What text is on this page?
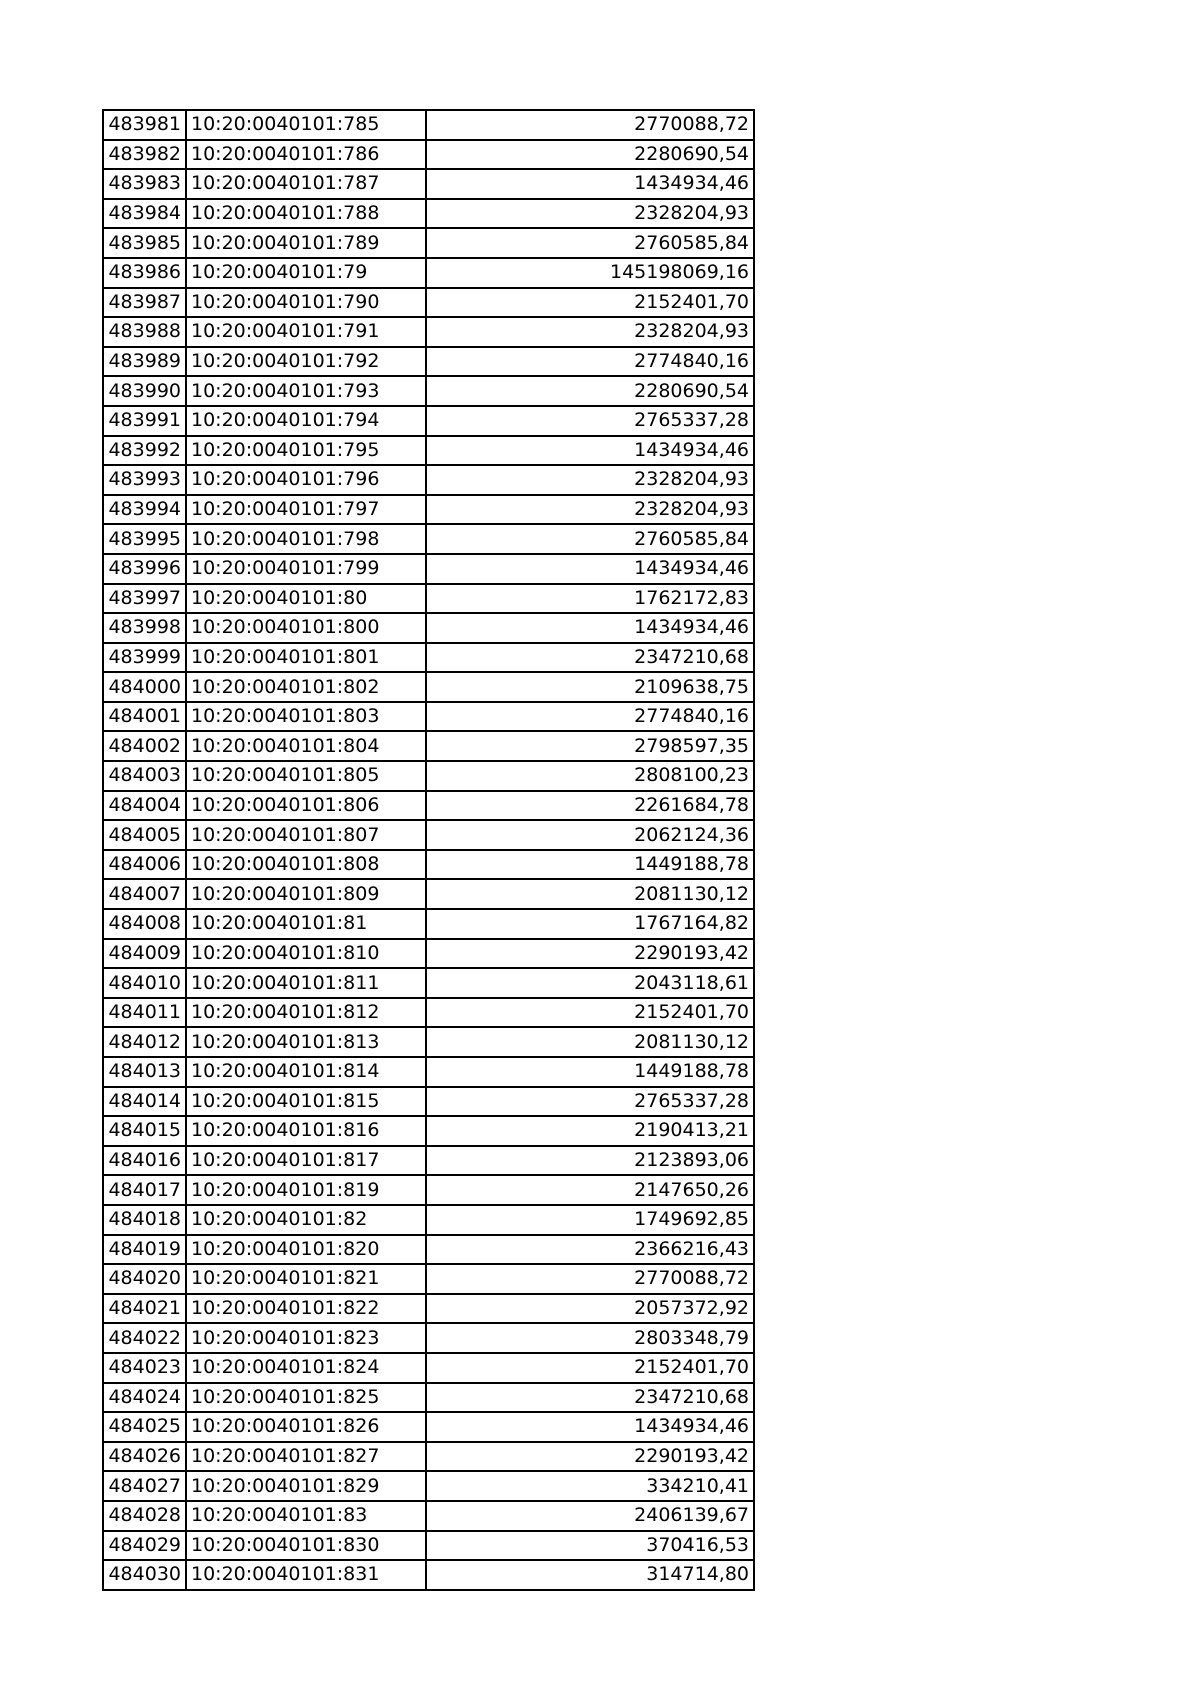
483981	10:20:0040101:785	2770088,72
483982	10:20:0040101:786	2280690,54
483983	10:20:0040101:787	1434934,46
483984	10:20:0040101:788	2328204,93
483985	10:20:0040101:789	2760585,84
483986	10:20:0040101:79	145198069,16
483987	10:20:0040101:790	2152401,70
483988	10:20:0040101:791	2328204,93
483989	10:20:0040101:792	2774840,16
483990	10:20:0040101:793	2280690,54
483991	10:20:0040101:794	2765337,28
483992	10:20:0040101:795	1434934,46
483993	10:20:0040101:796	2328204,93
483994	10:20:0040101:797	2328204,93
483995	10:20:0040101:798	2760585,84
483996	10:20:0040101:799	1434934,46
483997	10:20:0040101:80	1762172,83
483998	10:20:0040101:800	1434934,46
483999	10:20:0040101:801	2347210,68
484000	10:20:0040101:802	2109638,75
484001	10:20:0040101:803	2774840,16
484002	10:20:0040101:804	2798597,35
484003	10:20:0040101:805	2808100,23
484004	10:20:0040101:806	2261684,78
484005	10:20:0040101:807	2062124,36
484006	10:20:0040101:808	1449188,78
484007	10:20:0040101:809	2081130,12
484008	10:20:0040101:81	1767164,82
484009	10:20:0040101:810	2290193,42
484010	10:20:0040101:811	2043118,61
484011	10:20:0040101:812	2152401,70
484012	10:20:0040101:813	2081130,12
484013	10:20:0040101:814	1449188,78
484014	10:20:0040101:815	2765337,28
484015	10:20:0040101:816	2190413,21
484016	10:20:0040101:817	2123893,06
484017	10:20:0040101:819	2147650,26
484018	10:20:0040101:82	1749692,85
484019	10:20:0040101:820	2366216,43
484020	10:20:0040101:821	2770088,72
484021	10:20:0040101:822	2057372,92
484022	10:20:0040101:823	2803348,79
484023	10:20:0040101:824	2152401,70
484024	10:20:0040101:825	2347210,68
484025	10:20:0040101:826	1434934,46
484026	10:20:0040101:827	2290193,42
484027	10:20:0040101:829	334210,41
484028	10:20:0040101:83	2406139,67
484029	10:20:0040101:830	370416,53
484030	10:20:0040101:831	314714,80
